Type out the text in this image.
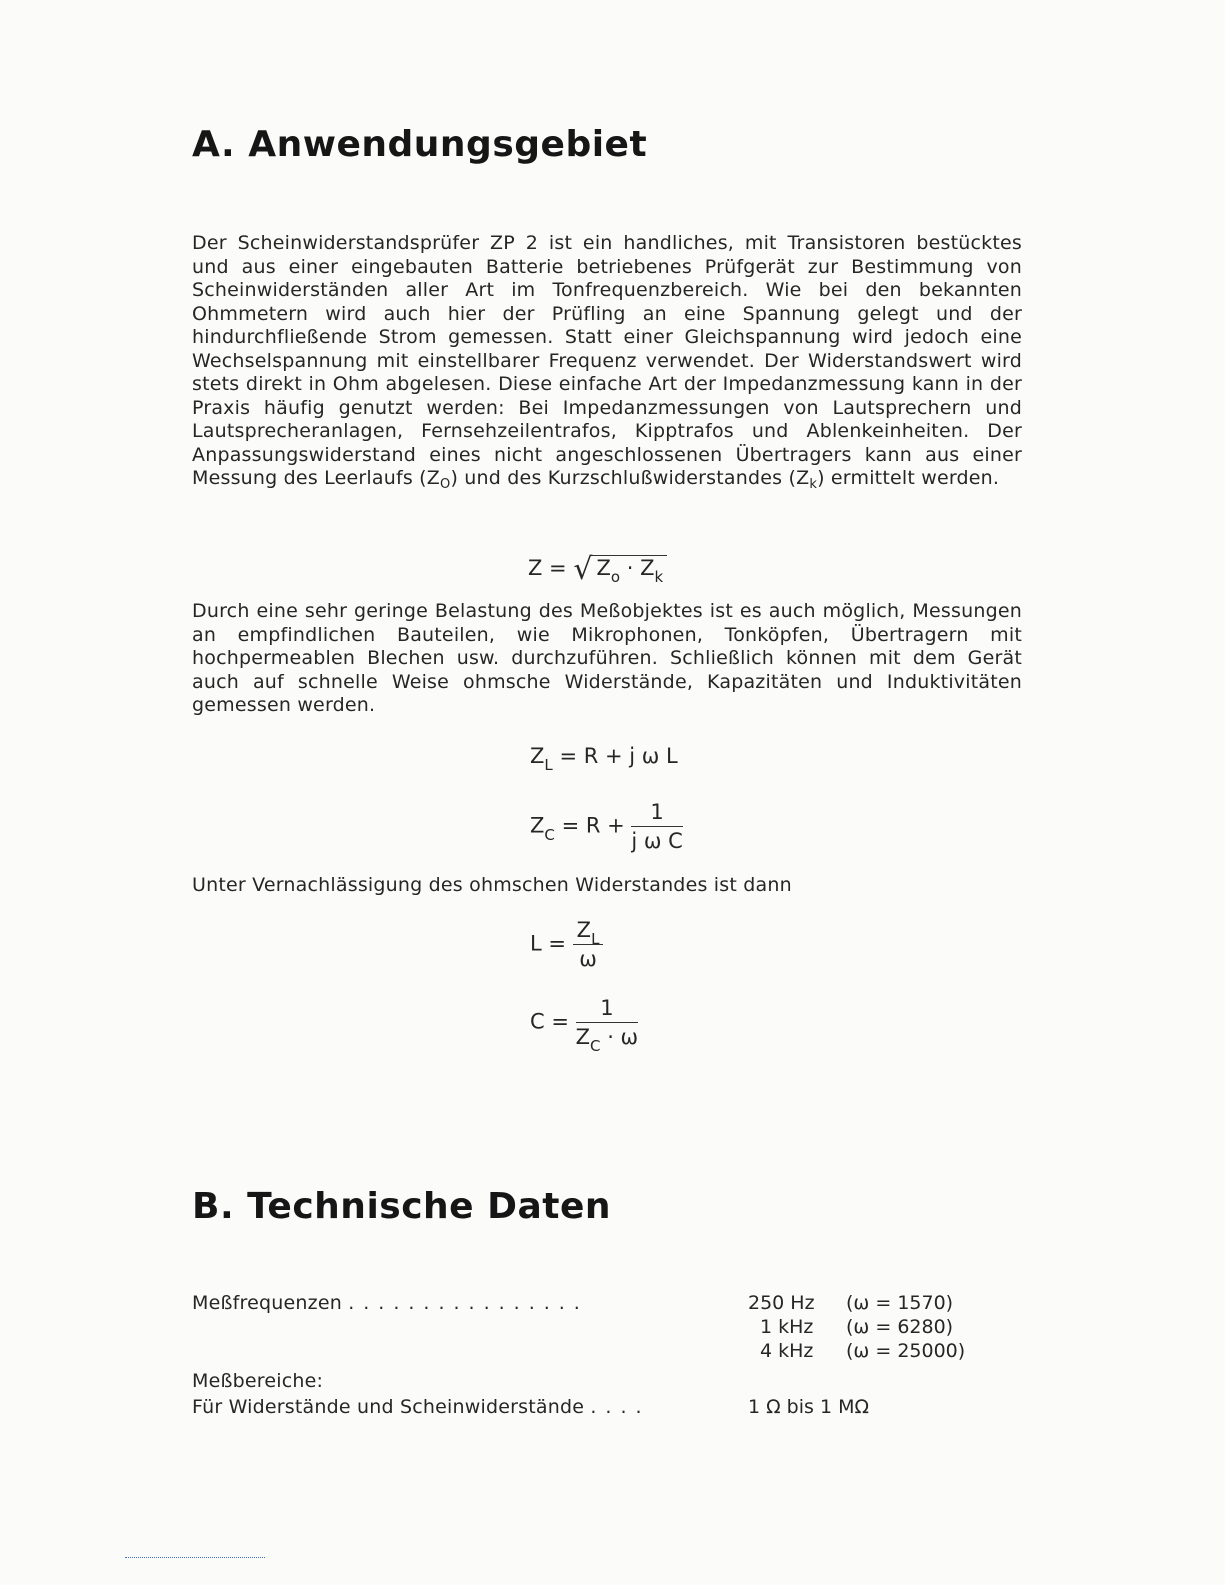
A. Anwendungsgebiet
Der Scheinwiderstandsprüfer ZP 2 ist ein handliches, mit Transistoren bestücktes und aus einer eingebauten Batterie betriebenes Prüfgerät zur Bestimmung von Scheinwiderständen aller Art im Tonfrequenzbereich. Wie bei den bekannten Ohmmetern wird auch hier der Prüfling an eine Spannung gelegt und der hindurchfließende Strom gemessen. Statt einer Gleichspannung wird jedoch eine Wechselspannung mit einstellbarer Frequenz verwendet. Der Widerstandswert wird stets direkt in Ohm abgelesen. Diese einfache Art der Impedanzmessung kann in der Praxis häufig genutzt werden: Bei Impedanzmessungen von Lautsprechern und Lautsprecheranlagen, Fernsehzeilentrafos, Kipptrafos und Ablenkeinheiten. Der Anpassungswiderstand eines nicht angeschlossenen Übertragers kann aus einer Messung des Leerlaufs $(Z_O)$ und des Kurzschlußwiderstandes $(Z_k)$ ermittelt werden.
Z = √ $Z_o \cdot Z_k$
Durch eine sehr geringe Belastung des Meßobjektes ist es auch möglich, Messungen an empfindlichen Bauteilen, wie Mikrophonen, Tonköpfen, Übertragern mit hochpermeablen Blechen usw. durchzuführen. Schließlich können mit dem Gerät auch auf schnelle Weise ohmsche Widerstände, Kapazitäten und Induktivitäten gemessen werden.
$Z_L = R + j$ ω L
$Z_C = R + \frac{1}{\text{j ω C}}$
Unter Vernachlässigung des ohmschen Widerstandes ist dann
$L = \frac{Z_L}{\omega}$
$C = \frac{1}{Z_C \cdot \omega}$
B. Technische Daten
Meßfrequenzen ................	250 Hz (ω = 1570)
1 kHz (ω = 6280)
4 kHz (ω = 25000)
Meßbereiche:
Für Widerstände und Scheinwiderstände ....	1 Ω bis 1 MΩ
